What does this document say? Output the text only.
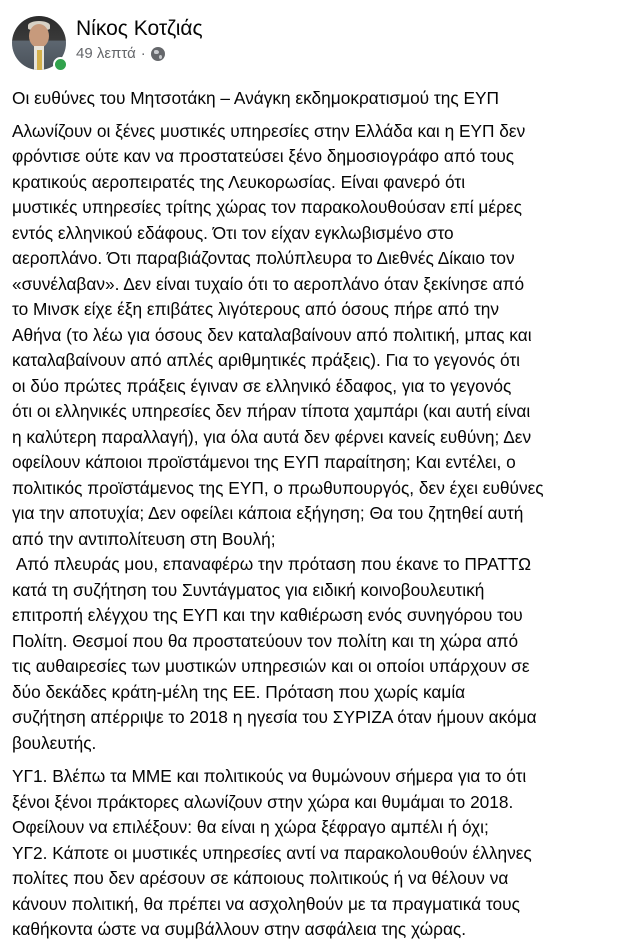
Νίκος Κοτζιάς
49 λεπτά ·

Οι ευθύνες του Μητσοτάκη – Ανάγκη εκδημοκρατισμού της ΕΥΠ

Αλωνίζουν οι ξένες μυστικές υπηρεσίες στην Ελλάδα και η ΕΥΠ δεν
φρόντισε ούτε καν να προστατεύσει ξένο δημοσιογράφο από τους
κρατικούς αεροπειρατές της Λευκορωσίας. Είναι φανερό ότι
μυστικές υπηρεσίες τρίτης χώρας τον παρακολουθούσαν επί μέρες
εντός ελληνικού εδάφους. Ότι τον είχαν εγκλωβισμένο στο
αεροπλάνο. Ότι παραβιάζοντας πολύπλευρα το Διεθνές Δίκαιο τον
«συνέλαβαν». Δεν είναι τυχαίο ότι το αεροπλάνο όταν ξεκίνησε από
το Μινσκ είχε έξη επιβάτες λιγότερους από όσους πήρε από την
Αθήνα (το λέω για όσους δεν καταλαβαίνουν από πολιτική, μπας και
καταλαβαίνουν από απλές αριθμητικές πράξεις). Για το γεγονός ότι
οι δύο πρώτες πράξεις έγιναν σε ελληνικό έδαφος, για το γεγονός
ότι οι ελληνικές υπηρεσίες δεν πήραν τίποτα χαμπάρι (και αυτή είναι
η καλύτερη παραλλαγή), για όλα αυτά δεν φέρνει κανείς ευθύνη; Δεν
οφείλουν κάποιοι προϊστάμενοι της ΕΥΠ παραίτηση; Και εντέλει, ο
πολιτικός προϊστάμενος της ΕΥΠ, ο πρωθυπουργός, δεν έχει ευθύνες
για την αποτυχία; Δεν οφείλει κάποια εξήγηση; Θα του ζητηθεί αυτή
από την αντιπολίτευση στη Βουλή;
Από πλευράς μου, επαναφέρω την πρόταση που έκανε το ΠΡΑΤΤΩ
κατά τη συζήτηση του Συντάγματος για ειδική κοινοβουλευτική
επιτροπή ελέγχου της ΕΥΠ και την καθιέρωση ενός συνηγόρου του
Πολίτη. Θεσμοί που θα προστατεύουν τον πολίτη και τη χώρα από
τις αυθαιρεσίες των μυστικών υπηρεσιών και οι οποίοι υπάρχουν σε
δύο δεκάδες κράτη-μέλη της ΕΕ. Πρόταση που χωρίς καμία
συζήτηση απέρριψε το 2018 η ηγεσία του ΣΥΡΙΖΑ όταν ήμουν ακόμα
βουλευτής.
ΥΓ1. Βλέπω τα ΜΜΕ και πολιτικούς να θυμώνουν σήμερα για το ότι
ξένοι ξένοι πράκτορες αλωνίζουν στην χώρα και θυμάμαι το 2018.
Οφείλουν να επιλέξουν: θα είναι η χώρα ξέφραγο αμπέλι ή όχι;
ΥΓ2. Κάποτε οι μυστικές υπηρεσίες αντί να παρακολουθούν έλληνες
πολίτες που δεν αρέσουν σε κάποιους πολιτικούς ή να θέλουν να
κάνουν πολιτική, θα πρέπει να ασχοληθούν με τα πραγματικά τους
καθήκοντα ώστε να συμβάλλουν στην ασφάλεια της χώρας.
